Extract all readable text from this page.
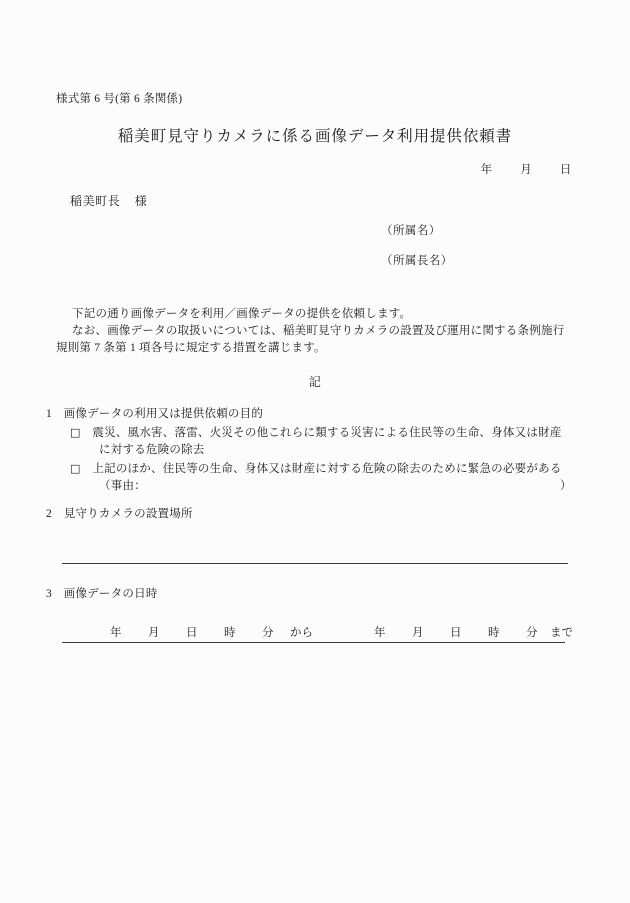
様式第 6 号(第 6 条関係)
稲美町見守りカメラに係る画像データ利用提供依頼書
年        月        日
稲美町長    様
（所属名）
（所属長名）
下記の通り画像データを利用／画像データの提供を依頼します。
なお、画像データの取扱いについては、稲美町見守りカメラの設置及び運用に関する条例施行
規則第 7 条第 1 項各号に規定する措置を講じます。
記
1　 画像データの利用又は提供依頼の目的
□　 震災、風水害、落雷、火災その他これらに類する災害による住民等の生命、身体又は財産
に対する危険の除去
□　 上記のほか、住民等の生命、身体又は財産に対する危険の除去のために緊急の必要がある
（事由：	）
2　 見守りカメラの設置場所
3　 画像データの日時
年 月 日 時 分 から	年 月 日 時 分 まで
